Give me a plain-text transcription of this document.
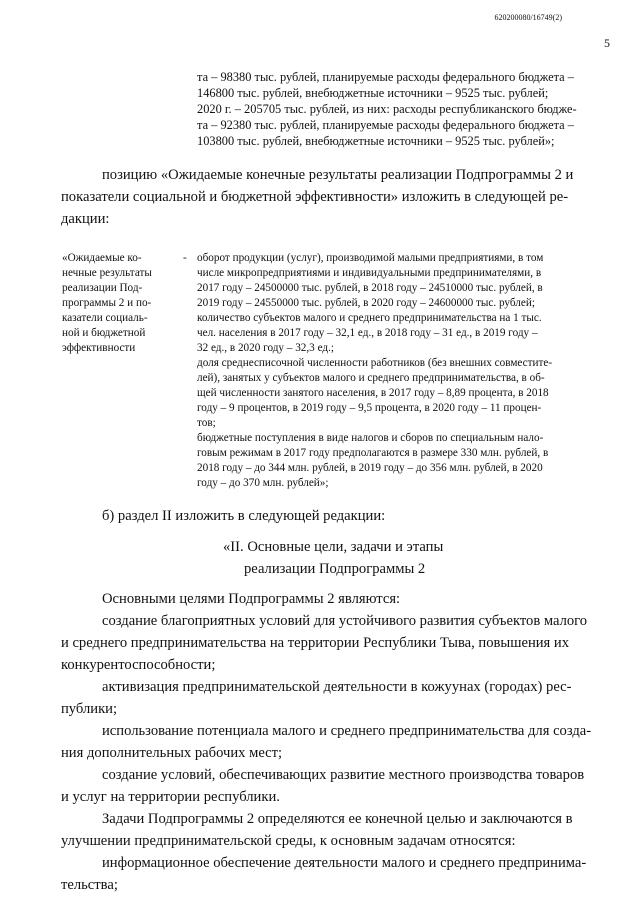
620200080/16749(2)
5
та – 98380 тыс. рублей, планируемые расходы федерального бюджета –
146800 тыс. рублей, внебюджетные источники – 9525 тыс. рублей;
2020 г. – 205705 тыс. рублей, из них: расходы республиканского бюдже-
та – 92380 тыс. рублей, планируемые расходы федерального бюджета –
103800 тыс. рублей, внебюджетные источники – 9525 тыс. рублей»;
позицию «Ожидаемые конечные результаты реализации Подпрограммы 2 и
показатели социальной и бюджетной эффективности» изложить в следующей ре-
дакции:
«Ожидаемые ко-
нечные результаты
реализации Под-
программы 2 и по-
казатели социаль-
ной и бюджетной
эффективности
- оборот продукции (услуг), производимой малыми предприятиями, в том
числе микропредприятиями и индивидуальными предпринимателями, в
2017 году – 24500000 тыс. рублей, в 2018 году – 24510000 тыс. рублей, в
2019 году – 24550000 тыс. рублей, в 2020 году – 24600000 тыс. рублей;
количество субъектов малого и среднего предпринимательства на 1 тыс.
чел. населения в 2017 году – 32,1 ед., в 2018 году – 31 ед., в 2019 году –
32 ед., в 2020 году – 32,3 ед.;
доля среднесписочной численности работников (без внешних совместите-
лей), занятых у субъектов малого и среднего предпринимательства, в об-
щей численности занятого населения, в 2017 году – 8,89 процента, в 2018
году – 9 процентов, в 2019 году – 9,5 процента, в 2020 году – 11 процен-
тов;
бюджетные поступления в виде налогов и сборов по специальным нало-
говым режимам в 2017 году предполагаются в размере 330 млн. рублей, в
2018 году – до 344 млн. рублей, в 2019 году – до 356 млн. рублей, в 2020
году – до 370 млн. рублей»;
б) раздел II изложить в следующей редакции:
«II. Основные цели, задачи и этапы
реализации Подпрограммы 2
Основными целями Подпрограммы 2 являются:
создание благоприятных условий для устойчивого развития субъектов малого
и среднего предпринимательства на территории Республики Тыва, повышения их
конкурентоспособности;
активизация предпринимательской деятельности в кожуунах (городах) рес-
публики;
использование потенциала малого и среднего предпринимательства для созда-
ния дополнительных рабочих мест;
создание условий, обеспечивающих развитие местного производства товаров
и услуг на территории республики.
Задачи Подпрограммы 2 определяются ее конечной целью и заключаются в
улучшении предпринимательской среды, к основным задачам относятся:
информационное обеспечение деятельности малого и среднего предпринима-
тельства;
